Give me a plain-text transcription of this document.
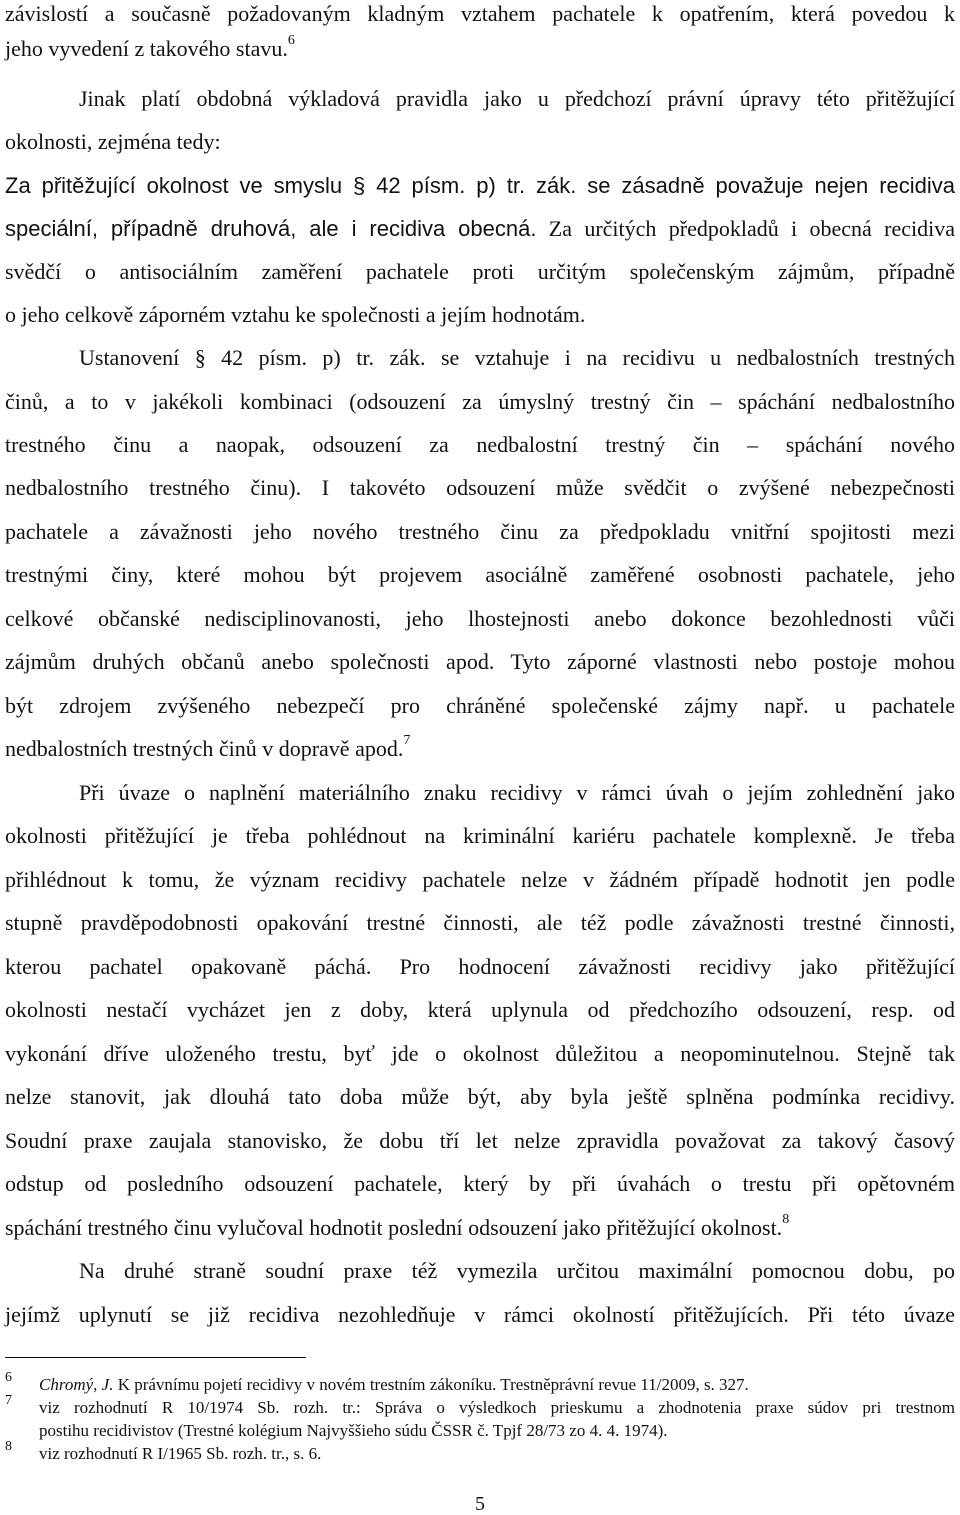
závislostí a současně požadovaným kladným vztahem pachatele k opatřením, která povedou k
jeho vyvedení z takového stavu.$^6$
Jinak platí obdobná výkladová pravidla jako u předchozí právní úpravy této přitěžující
okolnosti, zejména tedy:
Za přitěžující okolnost ve smyslu § 42 písm. p) tr. zák. se zásadně považuje nejen recidiva
speciální, případně druhová, ale i recidiva obecná. Za určitých předpokladů i obecná recidiva
svědčí o antisociálním zaměření pachatele proti určitým společenským zájmům, případně
o jeho celkově záporném vztahu ke společnosti a jejím hodnotám.
Ustanovení § 42 písm. p) tr. zák. se vztahuje i na recidivu u nedbalostních trestných
činů, a to v jakékoli kombinaci (odsouzení za úmyslný trestný čin – spáchání nedbalostního
trestného činu a naopak, odsouzení za nedbalostní trestný čin – spáchání nového
nedbalostního trestného činu). I takovéto odsouzení může svědčit o zvýšené nebezpečnosti
pachatele a závažnosti jeho nového trestného činu za předpokladu vnitřní spojitosti mezi
trestnými činy, které mohou být projevem asociálně zaměřené osobnosti pachatele, jeho
celkové občanské nedisciplinovanosti, jeho lhostejnosti anebo dokonce bezohlednosti vůči
zájmům druhých občanů anebo společnosti apod. Tyto záporné vlastnosti nebo postoje mohou
být zdrojem zvýšeného nebezpečí pro chráněné společenské zájmy např. u pachatele
nedbalostních trestných činů v dopravě apod.$^7$
Při úvaze o naplnění materiálního znaku recidivy v rámci úvah o jejím zohlednění jako
okolnosti přitěžující je třeba pohlédnout na kriminální kariéru pachatele komplexně. Je třeba
přihlédnout k tomu, že význam recidivy pachatele nelze v žádném případě hodnotit jen podle
stupně pravděpodobnosti opakování trestné činnosti, ale též podle závažnosti trestné činnosti,
kterou pachatel opakovaně páchá. Pro hodnocení závažnosti recidivy jako přitěžující
okolnosti nestačí vycházet jen z doby, která uplynula od předchozího odsouzení, resp. od
vykonání dříve uloženého trestu, byť jde o okolnost důležitou a neopominutelnou. Stejně tak
nelze stanovit, jak dlouhá tato doba může být, aby byla ještě splněna podmínka recidivy.
Soudní praxe zaujala stanovisko, že dobu tří let nelze zpravidla považovat za takový časový
odstup od posledního odsouzení pachatele, který by při úvahách o trestu při opětovném
spáchání trestného činu vylučoval hodnotit poslední odsouzení jako přitěžující okolnost.$^8$
Na druhé straně soudní praxe též vymezila určitou maximální pomocnou dobu, po
jejímž uplynutí se již recidiva nezohledňuje v rámci okolností přitěžujících. Při této úvaze
6 Chromý, J. K právnímu pojetí recidivy v novém trestním zákoníku. Trestněprávní revue 11/2009, s. 327.
7 viz rozhodnutí R 10/1974 Sb. rozh. tr.: Správa o výsledkoch prieskumu a zhodnotenia praxe súdov pri trestnom
postihu recidivistov (Trestné kolégium Najvyššieho súdu ČSSR č. Tpjf 28/73 zo 4. 4. 1974).
8 viz rozhodnutí R I/1965 Sb. rozh. tr., s. 6.
5
